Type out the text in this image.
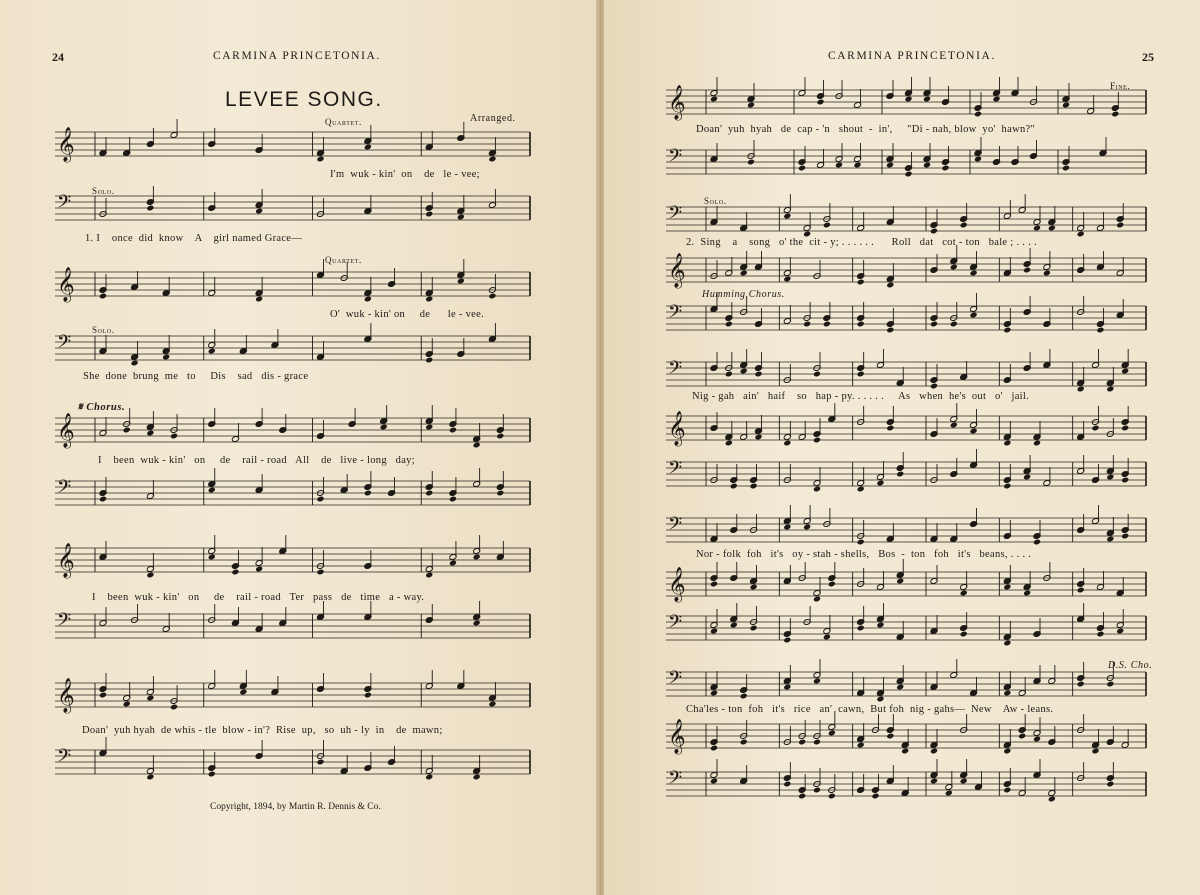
24	CARMINA PRINCETONIA.
LEVEE SONG.
Arranged.
Quartet.
Solo.
Quartet.
Solo.
𝄋 Chorus.
I'm  wuk - kin'  on    de   le - vee;
1. I    once  did  know    A    girl named Grace—
O'  wuk - kin' on     de      le - vee.
She  done  brung  me   to     Dis    sad   dis - grace
I    been  wuk - kin'   on     de    rail - road   All    de   live - long   day;
I    been  wuk - kin'   on     de    rail - road   Ter   pass   de   time   a - way.
Doan'  yuh hyah  de whis - tle  blow - in'?  Rise  up,   so  uh - ly  in    de  mawn;
Copyright, 1894, by Martin R. Dennis & Co.
𝄞
𝄢
𝄞
𝄢
𝄞
𝄢
𝄞
𝄢
𝄞
𝄢
CARMINA PRINCETONIA.	25
Fine.
Solo.
Humming Chorus.
D.S. Cho.
Doan'  yuh  hyah   de  cap - 'n   shout  -  in',     "Di - nah, blow  yo'  hawn?"
2.  Sing    a    song   o' the  cit - y; . . . . . .      Roll   dat   cot - ton   bale ; . . . .
Nig - gah   ain'   haif    so   hap - py. . . . . .     As   when  he's  out   o'   jail.
Nor - folk  foh   it's   oy - stah - shells,   Bos  -  ton   foh   it's   beans, . . . .
Cha'les - ton  foh   it's   rice   an'  cawn,  But foh  nig - gahs—  New    Aw - leans.
𝄞
𝄢
𝄢
𝄞
𝄢
𝄢
𝄞
𝄢
𝄢
𝄞
𝄢
𝄢
𝄞
𝄢
